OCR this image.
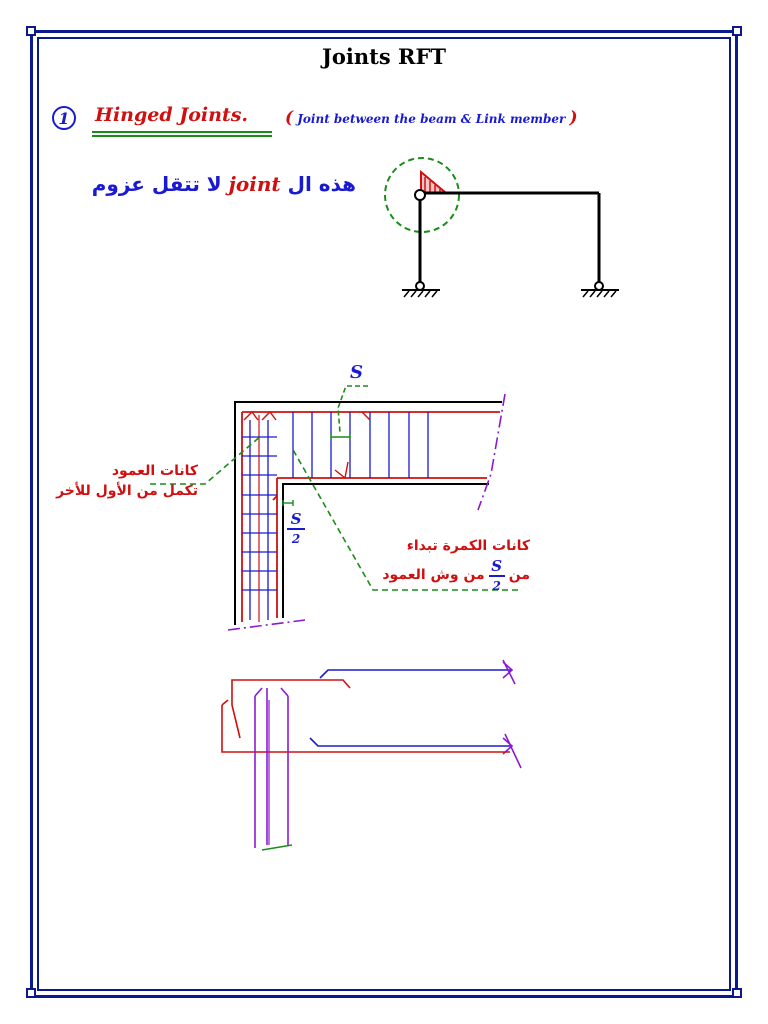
Joints RFT
1 Hinged Joints. ( Joint between the beam & Link member )
هذه ال joint لا تتقل عزوم
S
S
2
كانات العمود
تكمل من الأول للأخر
كانات الكمرة تبداء
من
$\frac{S}{2}$
من وش العمود
